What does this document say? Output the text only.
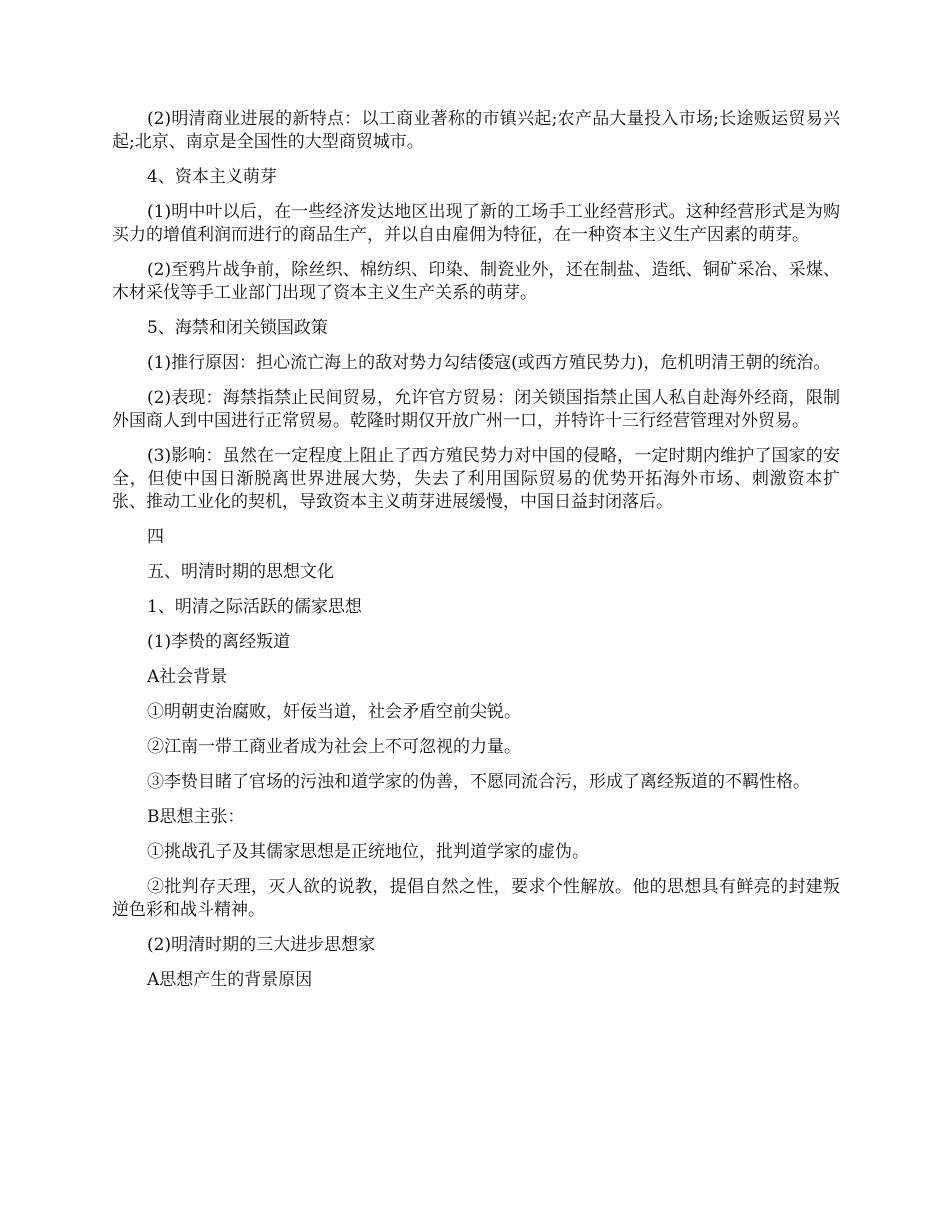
(2)明清商业进展的新特点：以工商业著称的市镇兴起;农产品大量投入市场;长途贩运贸易兴起;北京、南京是全国性的大型商贸城市。

4、资本主义萌芽

(1)明中叶以后，在一些经济发达地区出现了新的工场手工业经营形式。这种经营形式是为购买力的增值利润而进行的商品生产，并以自由雇佣为特征，在一种资本主义生产因素的萌芽。

(2)至鸦片战争前，除丝织、棉纺织、印染、制瓷业外，还在制盐、造纸、铜矿采冶、采煤、木材采伐等手工业部门出现了资本主义生产关系的萌芽。

5、海禁和闭关锁国政策

(1)推行原因：担心流亡海上的敌对势力勾结倭寇(或西方殖民势力)，危机明清王朝的统治。

(2)表现：海禁指禁止民间贸易，允许官方贸易：闭关锁国指禁止国人私自赴海外经商，限制外国商人到中国进行正常贸易。乾隆时期仅开放广州一口，并特许十三行经营管理对外贸易。

(3)影响：虽然在一定程度上阻止了西方殖民势力对中国的侵略，一定时期内维护了国家的安全，但使中国日渐脱离世界进展大势，失去了利用国际贸易的优势开拓海外市场、刺激资本扩张、推动工业化的契机，导致资本主义萌芽进展缓慢，中国日益封闭落后。

四

五、明清时期的思想文化

1、明清之际活跃的儒家思想

(1)李贽的离经叛道

A社会背景

①明朝吏治腐败，奸佞当道，社会矛盾空前尖锐。

②江南一带工商业者成为社会上不可忽视的力量。

③李贽目睹了官场的污浊和道学家的伪善，不愿同流合污，形成了离经叛道的不羁性格。

B思想主张：

①挑战孔子及其儒家思想是正统地位，批判道学家的虚伪。

②批判存天理，灭人欲的说教，提倡自然之性，要求个性解放。他的思想具有鲜亮的封建叛逆色彩和战斗精神。

(2)明清时期的三大进步思想家

A思想产生的背景原因
